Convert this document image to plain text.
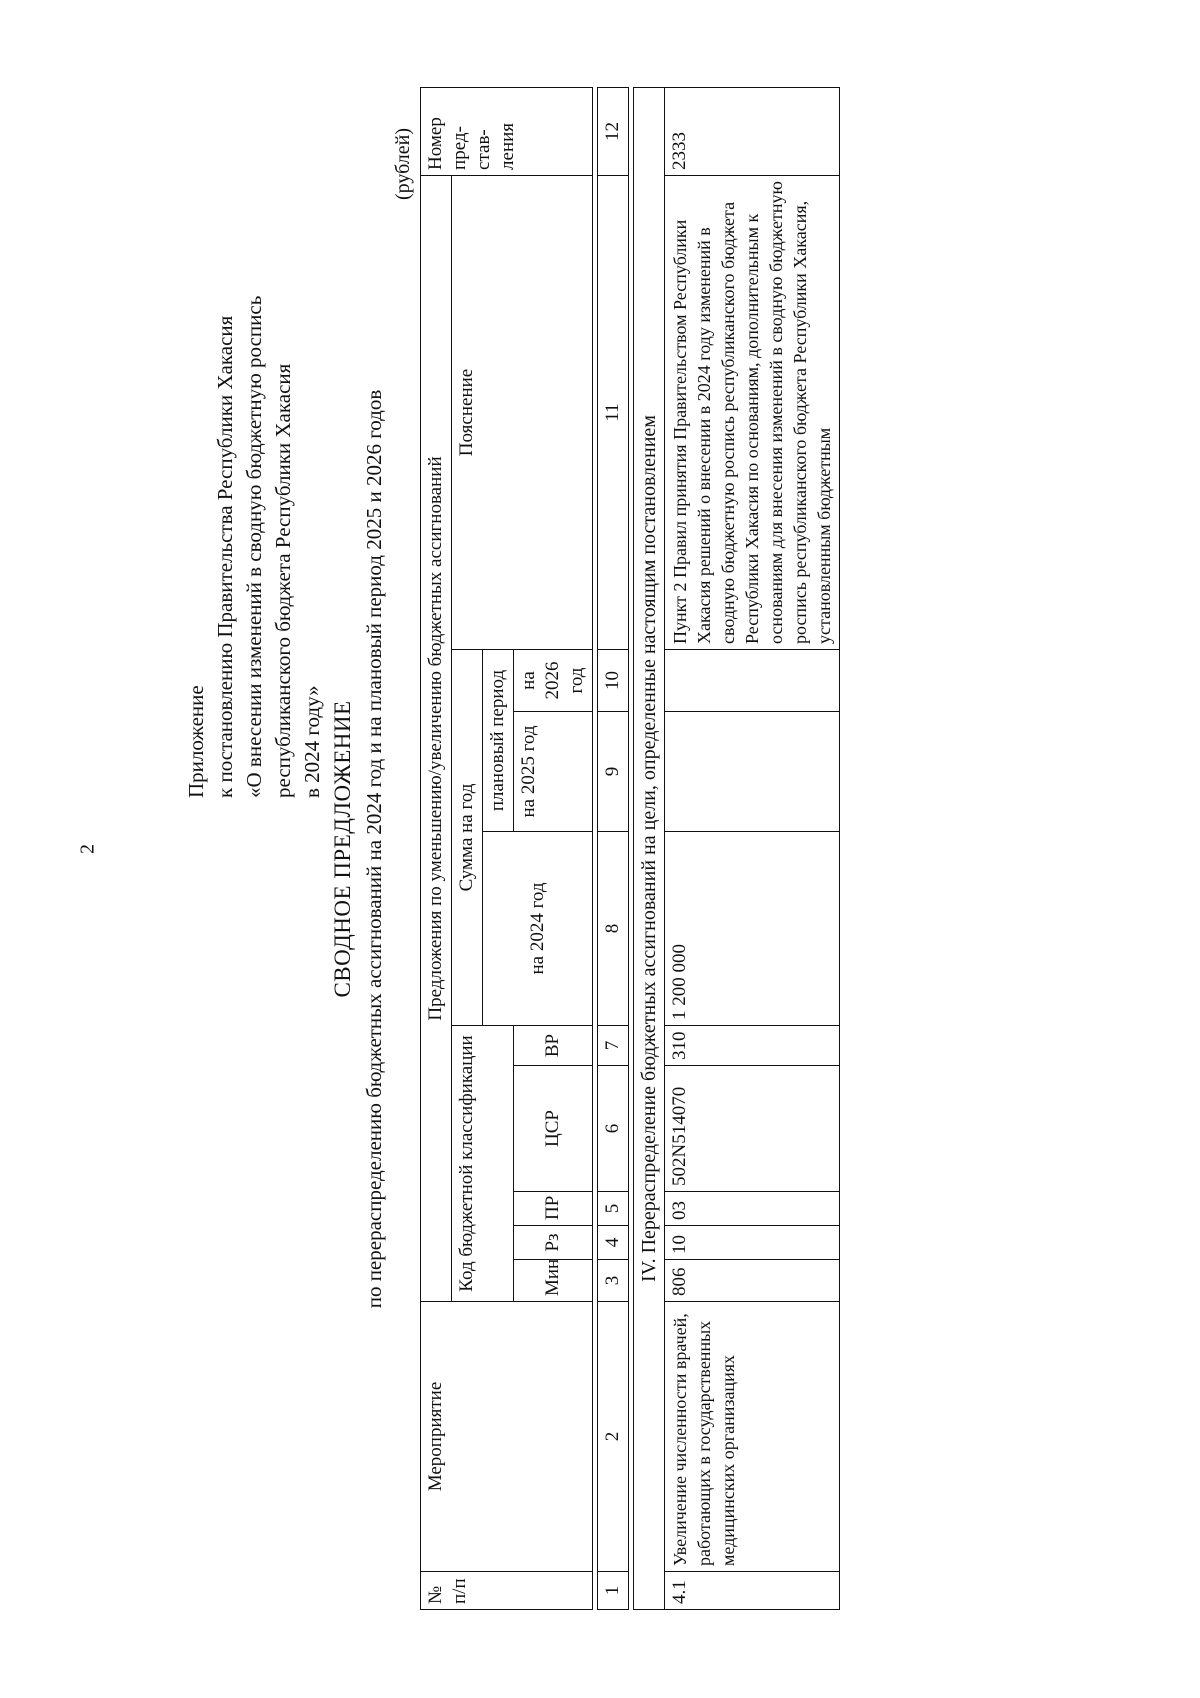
2
Приложение к постановлению Правительства Республики Хакасия «О внесении изменений в сводную бюджетную роспись республиканского бюджета Республики Хакасия в 2024 году» СВОДНОЕ ПРЕДЛОЖЕНИЕ по перераспределению бюджетных ассигнований на 2024 год и на плановый период 2025 и 2026 годов
(рублей)
№ п/п	Мероприятие	Предложения по уменьшению/увеличению бюджетных ассигнований									Номер пред-став-ления
		Код бюджетной классификации					Сумма на год			Пояснение	
							на 2024 год	плановый период			
		Мин	Рз	ПР	ЦСР	ВР		на 2025 год	на 2026 год		

1	2	3	4	5	6	7	8	9	10	11	12

IV. Перераспределение бюджетных ассигнований на цели, определенные настоящим постановлением											
4.1	Увеличение численности врачей, работающих в государственных медицинских организациях	806	10	03	502N514070	310	1 200 000			Пункт 2 Правил принятия Правительством Республики Хакасия решений о внесении в 2024 году изменений в сводную бюджетную роспись республиканского бюджета Республики Хакасия по основаниям, дополнительным к основаниям для внесения изменений в сводную бюджетную роспись республиканского бюджета Республики Хакасия, установленным бюджетным	2333
